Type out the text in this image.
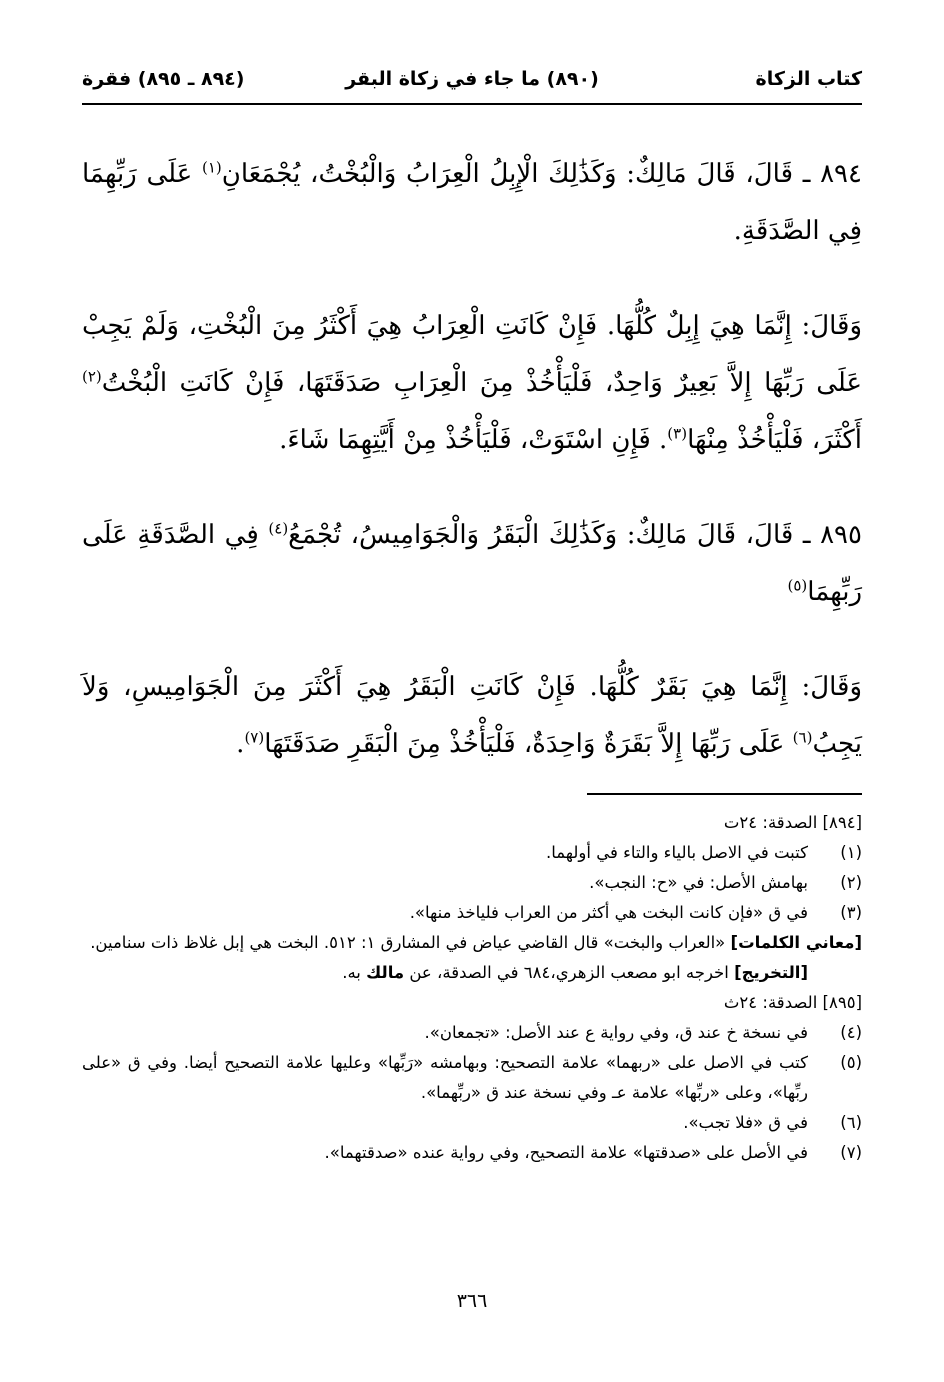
كتاب الزكاة
(٨٩٠) ما جاء في زكاة البقر
(٨٩٤ ـ ٨٩٥) فقرة

٨٩٤ ـ قَالَ، قَالَ مَالِكٌ: وَكَذَٰلِكَ الْإِبِلُ الْعِرَابُ وَالْبُخْتُ، يُجْمَعَانِ$^{(١)}$ عَلَى رَبِّهِمَا فِي الصَّدَقَةِ.

وَقَالَ: إِنَّمَا هِيَ إِبِلٌ كُلُّهَا. فَإِنْ كَانَتِ الْعِرَابُ هِيَ أَكْثَرُ مِنَ الْبُخْتِ، وَلَمْ يَجِبْ عَلَى رَبِّهَا إِلاَّ بَعِيرٌ وَاحِدٌ، فَلْيَأْخُذْ مِنَ الْعِرَابِ صَدَقَتَهَا، فَإِنْ كَانَتِ الْبُخْتُ$^{(٢)}$ أَكْثَرَ، فَلْيَأْخُذْ مِنْهَا$^{(٣)}$. فَإِنِ اسْتَوَتْ، فَلْيَأْخُذْ مِنْ أَيَّتِهِمَا شَاءَ.

٨٩٥ ـ قَالَ، قَالَ مَالِكٌ: وَكَذَٰلِكَ الْبَقَرُ وَالْجَوَامِيسُ، تُجْمَعُ$^{(٤)}$ فِي الصَّدَقَةِ عَلَى رَبِّهِمَا$^{(٥)}$

وَقَالَ: إِنَّمَا هِيَ بَقَرٌ كُلُّهَا. فَإِنْ كَانَتِ الْبَقَرُ هِيَ أَكْثَرَ مِنَ الْجَوَامِيسِ، وَلاَ يَجِبُ$^{(٦)}$ عَلَى رَبِّهَا إِلاَّ بَقَرَةٌ وَاحِدَةٌ، فَلْيَأْخُذْ مِنَ الْبَقَرِ صَدَقَتَهَا$^{(٧)}$.

[٨٩٤] الصدقة: ٢٤ت
(١)
كتبت في الاصل بالياء والتاء في أولهما.
(٢)
بهامش الأصل: في «ح: النجب».
(٣)
في ق «فإن كانت البخت هي أكثر من العراب فلياخذ منها».
[معاني الكلمات] «العراب والبخت» قال القاضي عياض في المشارق ١: ٥١٢. البخت هي إبل غلاظ ذات سنامين.
[التخريج] اخرجه ابو مصعب الزهري،٦٨٤ في الصدقة، عن مالك به.
[٨٩٥] الصدقة: ٢٤ث
(٤)
في نسخة خ عند ق، وفي رواية ع عند الأصل: «تجمعان».
(٥)
كتب في الاصل على «ربهما» علامة التصحيح: وبهامشه «رَبِّها» وعليها علامة التصحيح أيضا. وفي ق «على ربِّها»، وعلى «ربِّها» علامة عـ وفي نسخة عند ق «ربِّهما».
(٦)
في ق «فلا تجب».
(٧)
في الأصل على «صدقتها» علامة التصحيح، وفي رواية عنده «صدقتهما».
٣٦٦
